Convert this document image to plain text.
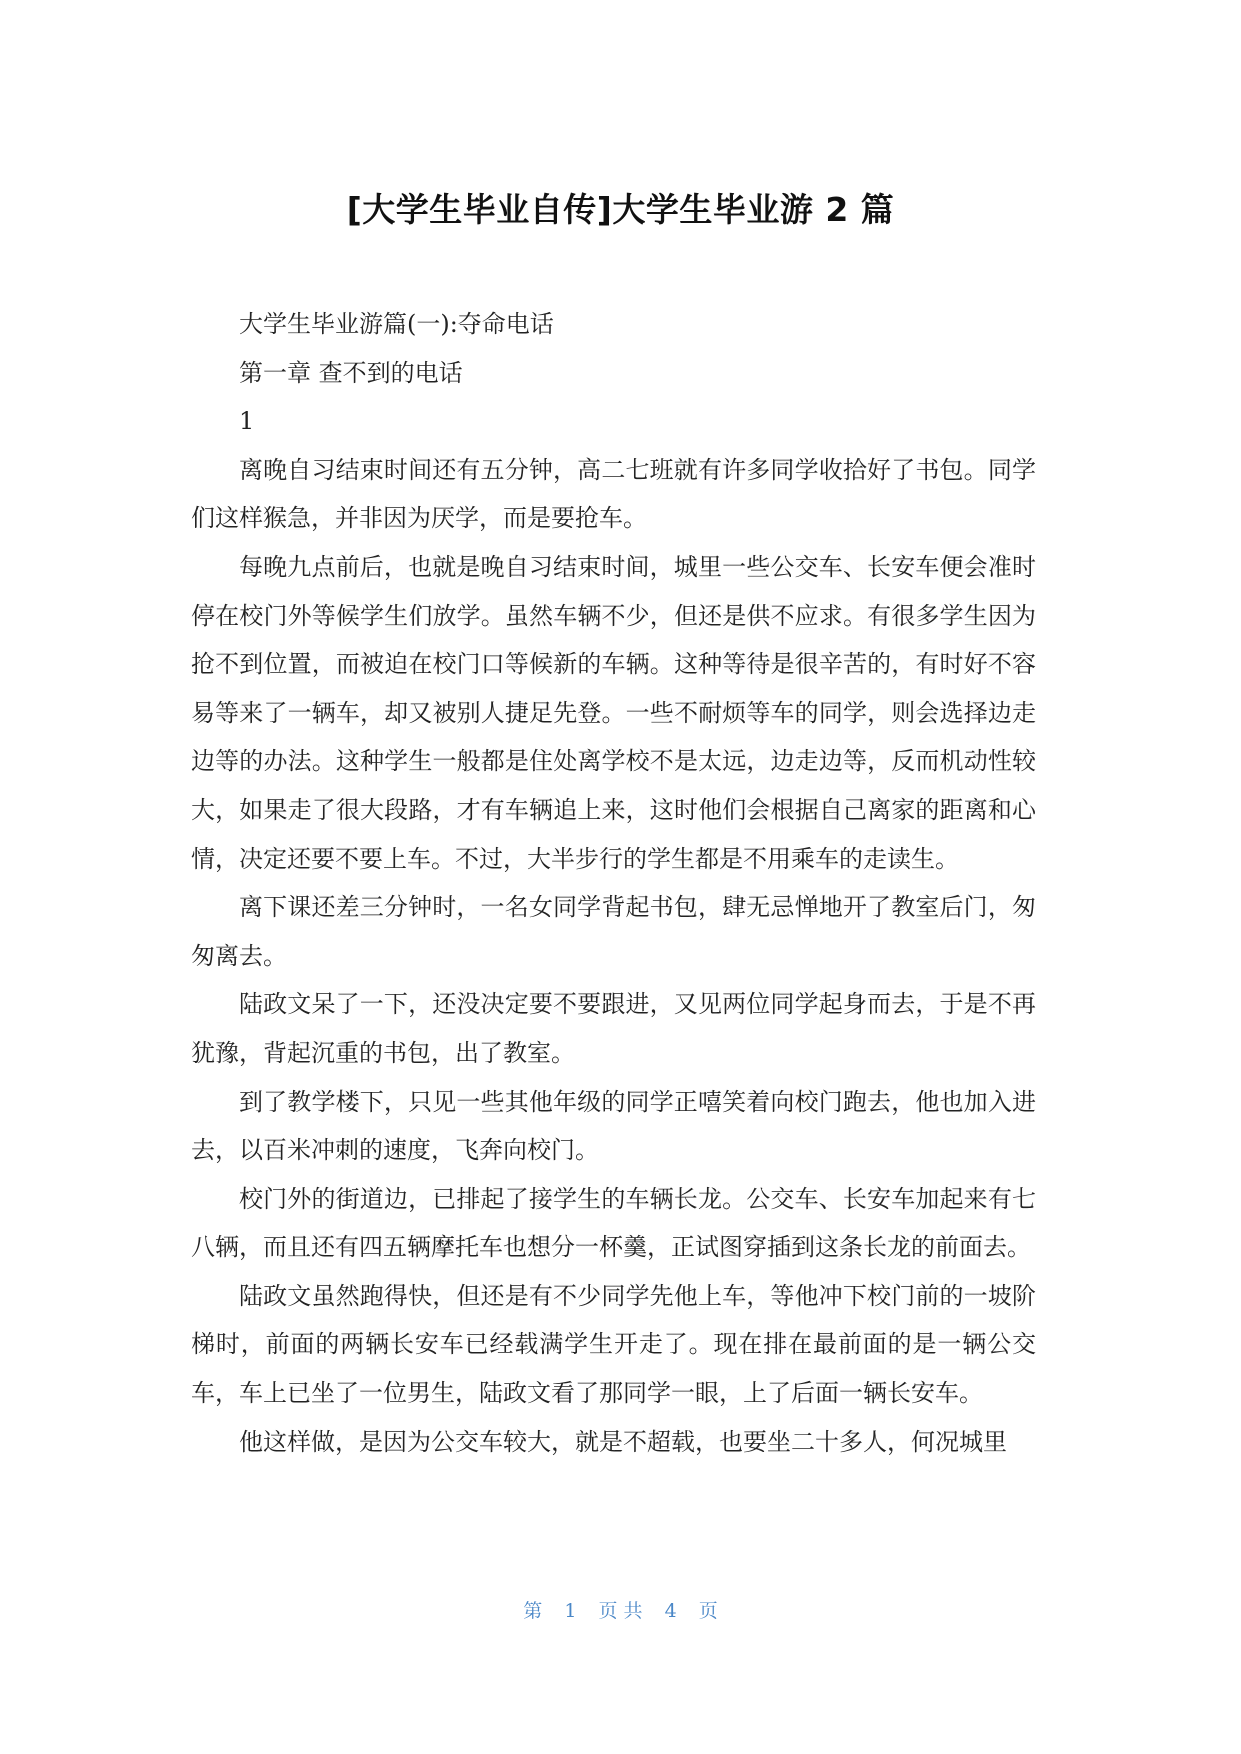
[大学生毕业自传]大学生毕业游 2 篇

大学生毕业游篇(一):夺命电话

第一章 查不到的电话

1

离晚自习结束时间还有五分钟，高二七班就有许多同学收拾好了书包。同学们这样猴急，并非因为厌学，而是要抢车。

每晚九点前后，也就是晚自习结束时间，城里一些公交车、长安车便会准时停在校门外等候学生们放学。虽然车辆不少，但还是供不应求。有很多学生因为抢不到位置，而被迫在校门口等候新的车辆。这种等待是很辛苦的，有时好不容易等来了一辆车，却又被别人捷足先登。一些不耐烦等车的同学，则会选择边走边等的办法。这种学生一般都是住处离学校不是太远，边走边等，反而机动性较大，如果走了很大段路，才有车辆追上来，这时他们会根据自己离家的距离和心情，决定还要不要上车。不过，大半步行的学生都是不用乘车的走读生。

离下课还差三分钟时，一名女同学背起书包，肆无忌惮地开了教室后门，匆匆离去。

陆政文呆了一下，还没决定要不要跟进，又见两位同学起身而去，于是不再犹豫，背起沉重的书包，出了教室。

到了教学楼下，只见一些其他年级的同学正嘻笑着向校门跑去，他也加入进去，以百米冲刺的速度，飞奔向校门。

校门外的街道边，已排起了接学生的车辆长龙。公交车、长安车加起来有七八辆，而且还有四五辆摩托车也想分一杯羹，正试图穿插到这条长龙的前面去。

陆政文虽然跑得快，但还是有不少同学先他上车，等他冲下校门前的一坡阶梯时，前面的两辆长安车已经载满学生开走了。现在排在最前面的是一辆公交车，车上已坐了一位男生，陆政文看了那同学一眼，上了后面一辆长安车。

他这样做，是因为公交车较大，就是不超载，也要坐二十多人，何况城里

第 1 页 共 4 页
